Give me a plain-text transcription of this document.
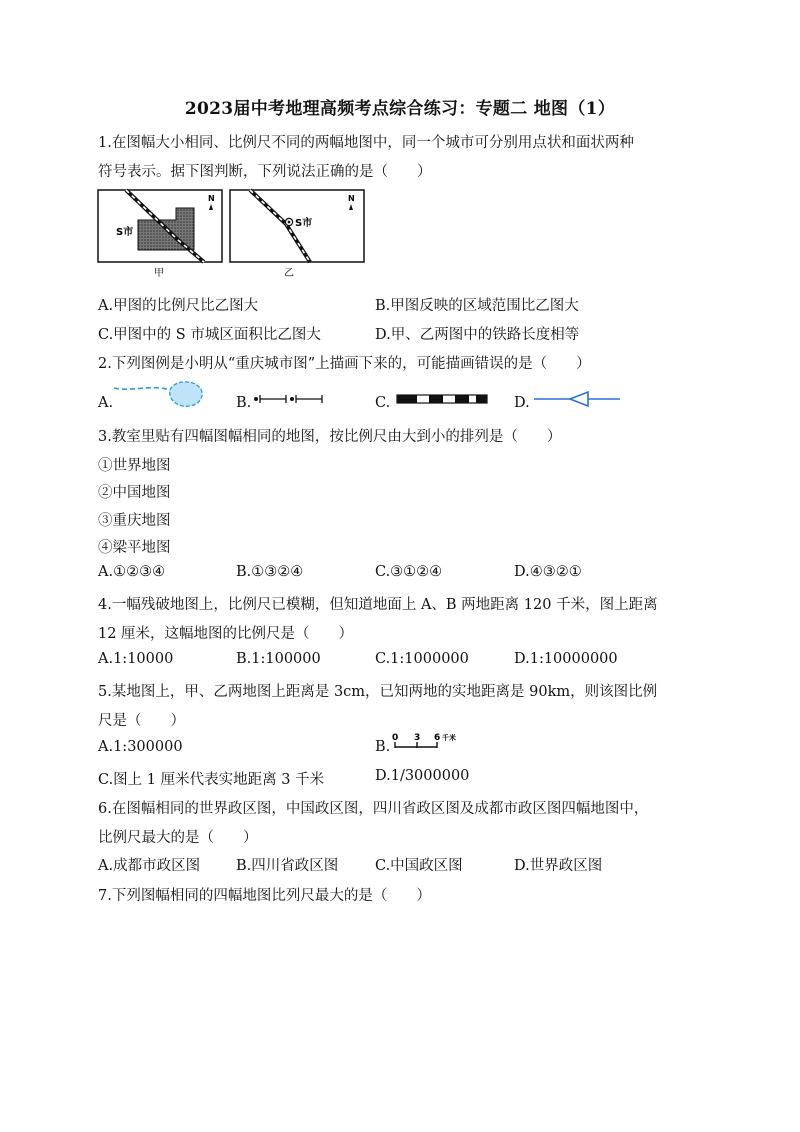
2023届中考地理高频考点综合练习：专题二 地图（1）
1.在图幅大小相同、比例尺不同的两幅地图中，同一个城市可分别用点状和面状两种
符号表示。据下图判断，下列说法正确的是（　　）
S市
N
甲
S市
N
乙
A.甲图的比例尺比乙图大	B.甲图反映的区域范围比乙图大
C.甲图中的 S 市城区面积比乙图大	D.甲、乙两图中的铁路长度相等
2.下列图例是小明从“重庆城市图”上描画下来的，可能描画错误的是（　　）
A.	B.	C.	D.
3.教室里贴有四幅图幅相同的地图，按比例尺由大到小的排列是（　　）
①世界地图
②中国地图
③重庆地图
④梁平地图
A.①②③④	B.①③②④	C.③①②④	D.④③②①
4.一幅残破地图上，比例尺已模糊，但知道地面上 A、B 两地距离 120 千米，图上距离
12 厘米，这幅地图的比例尺是（　　）
A.1:10000	B.1:100000	C.1:1000000	D.1:10000000
5.某地图上，甲、乙两地图上距离是 3cm，已知两地的实地距离是 90km，则该图比例
尺是（　　）
A.1:300000	B.
0 3 6 千米
C.图上 1 厘米代表实地距离 3 千米	D.1/3000000
6.在图幅相同的世界政区图，中国政区图，四川省政区图及成都市政区图四幅地图中，
比例尺最大的是（　　）
A.成都市政区图 B.四川省政区图	C.中国政区图	D.世界政区图
7.下列图幅相同的四幅地图比列尺最大的是（　　）
